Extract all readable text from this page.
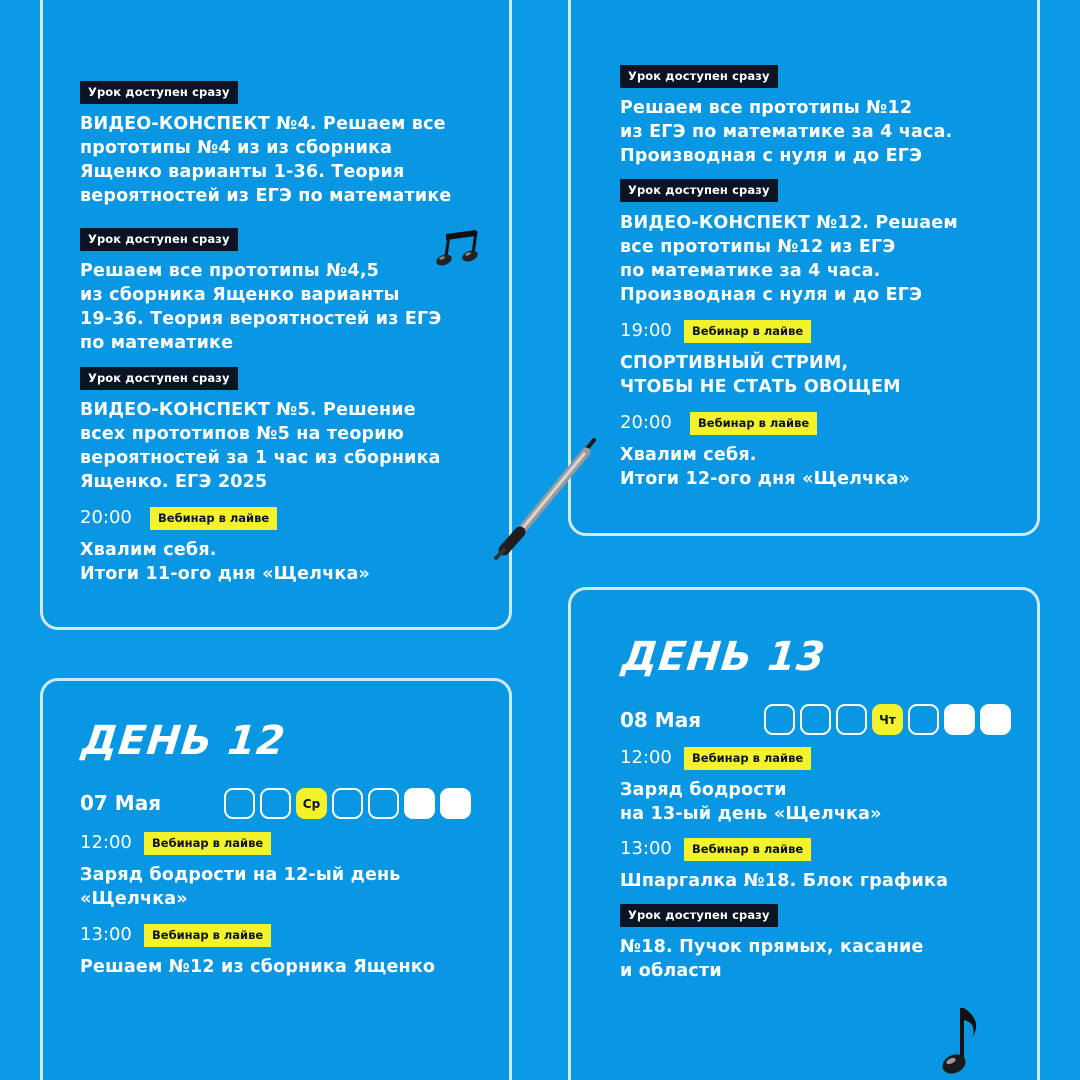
Урок доступен сразу
ВИДЕО-КОНСПЕКТ №4. Решаем все
прототипы №4 из из сборника
Ященко варианты 1-36. Теория
вероятностей из ЕГЭ по математике
Урок доступен сразу
Решаем все прототипы №4,5
из сборника Ященко варианты
19-36. Теория вероятностей из ЕГЭ
по математике
Урок доступен сразу
ВИДЕО-КОНСПЕКТ №5. Решение
всех прототипов №5 на теорию
вероятностей за 1 час из сборника
Ященко. ЕГЭ 2025
20:00	Вебинар в лайве
Хвалим себя.
Итоги 11-ого дня «Щелчка»
Урок доступен сразу
Решаем все прототипы №12
из ЕГЭ по математике за 4 часа.
Производная с нуля и до ЕГЭ
Урок доступен сразу
ВИДЕО-КОНСПЕКТ №12. Решаем
все прототипы №12 из ЕГЭ
по математике за 4 часа.
Производная с нуля и до ЕГЭ
19:00	Вебинар в лайве
СПОРТИВНЫЙ СТРИМ,
ЧТОБЫ НЕ СТАТЬ ОВОЩЕМ
20:00	Вебинар в лайве
Хвалим себя.
Итоги 12-ого дня «Щелчка»
ДЕНЬ 12
07 Мая	Ср
12:00	Вебинар в лайве
Заряд бодрости на 12-ый день
«Щелчка»
13:00	Вебинар в лайве
Решаем №12 из сборника Ященко
ДЕНЬ 13
08 Мая	Чт
12:00	Вебинар в лайве
Заряд бодрости
на 13-ый день «Щелчка»
13:00	Вебинар в лайве
Шпаргалка №18. Блок графика
Урок доступен сразу
№18. Пучок прямых, касание
и области
